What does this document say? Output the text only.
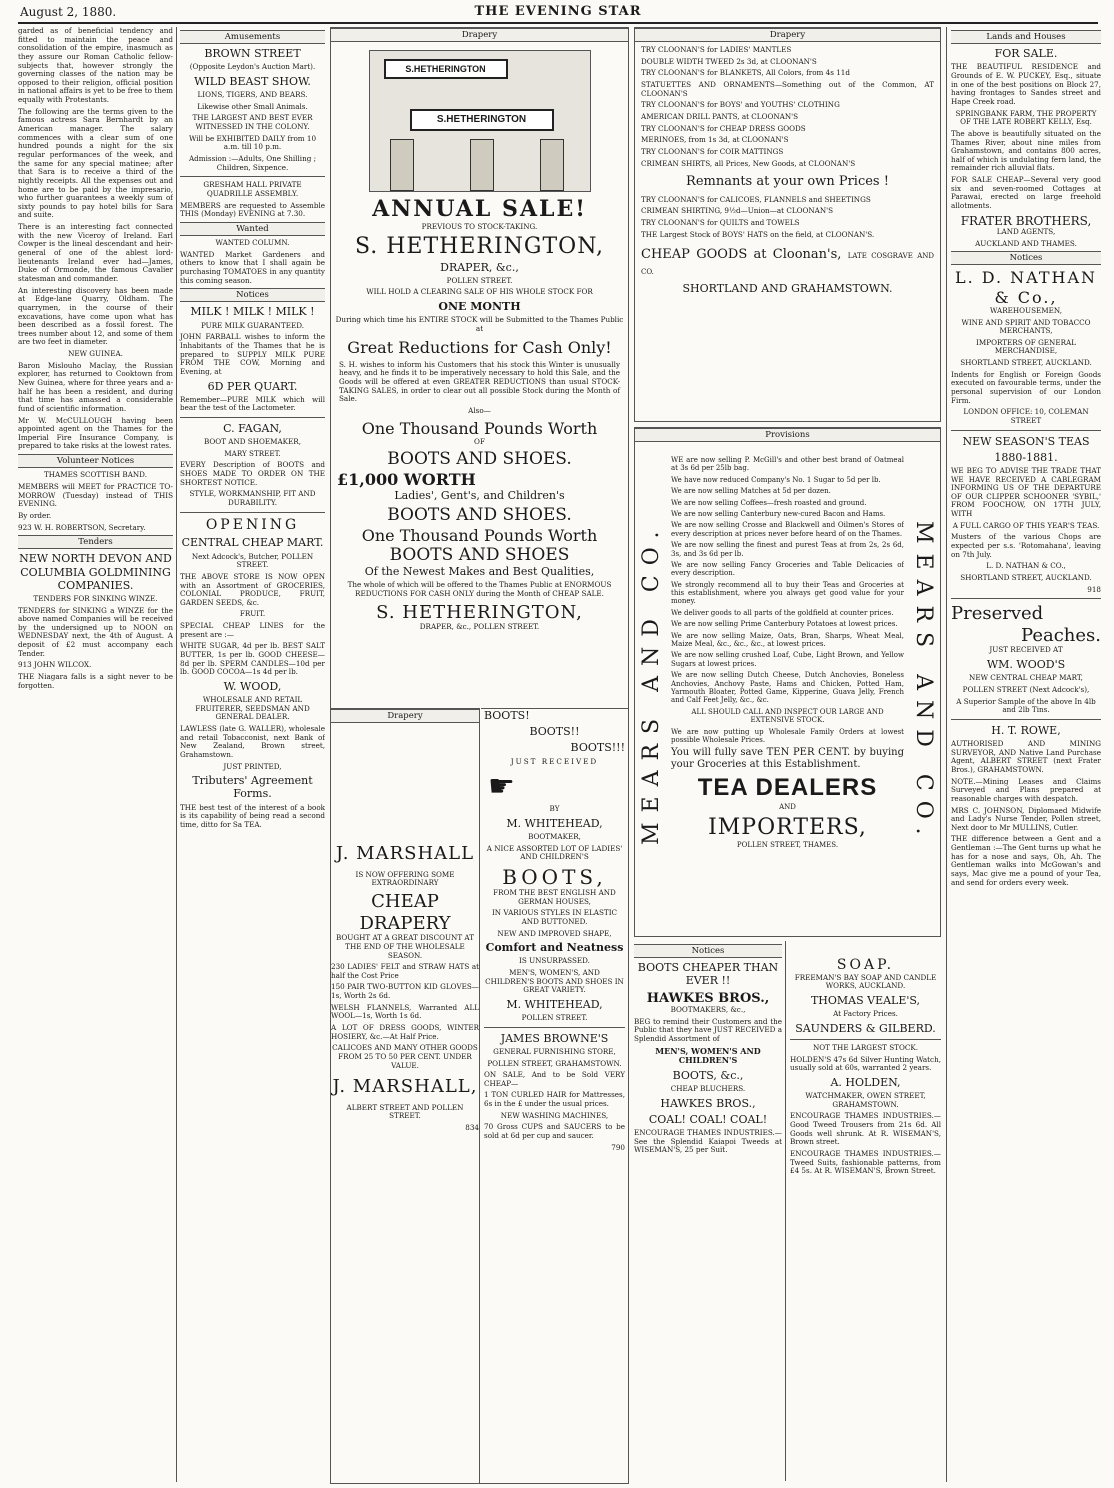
August 2, 1880.	THE EVENING STAR

garded as of beneficial tendency and fitted to maintain the peace and consolidation of the empire, inasmuch as they assure our Roman Catholic fellow-subjects that, however strongly the governing classes of the nation may be opposed to their religion, official position in national affairs is yet to be free to them equally with Protestants.

The following are the terms given to the famous actress Sara Bernhardt by an American manager. The salary commences with a clear sum of one hundred pounds a night for the six regular performances of the week, and the same for any special matinee; after that Sara is to receive a third of the nightly receipts. All the expenses out and home are to be paid by the impresario, who further guarantees a weekly sum of sixty pounds to pay hotel bills for Sara and suite.

There is an interesting fact connected with the new Viceroy of Ireland. Earl Cowper is the lineal descendant and heir-general of one of the ablest lord-lieutenants Ireland ever had—James, Duke of Ormonde, the famous Cavalier statesman and commander.

An interesting discovery has been made at Edge-lane Quarry, Oldham. The quarrymen, in the course of their excavations, have come upon what has been described as a fossil forest. The trees number about 12, and some of them are two feet in diameter.

NEW GUINEA.

Baron Mislouho Maclay, the Russian explorer, has returned to Cooktown from New Guinea, where for three years and a-half he has been a resident, and during that time has amassed a considerable fund of scientific information.

Mr W. McCULLOUGH having been appointed agent on the Thames for the Imperial Fire Insurance Company, is prepared to take risks at the lowest rates.

Volunteer Notices

THAMES SCOTTISH BAND.

MEMBERS will MEET for PRACTICE TO-MORROW (Tuesday) instead of THIS EVENING.

By order.

923 W. H. ROBERTSON, Secretary.

Tenders

NEW NORTH DEVON AND COLUMBIA GOLDMINING COMPANIES.

TENDERS FOR SINKING WINZE.

TENDERS for SINKING a WINZE for the above named Companies will be received by the undersigned up to NOON on WEDNESDAY next, the 4th of August. A deposit of £2 must accompany each Tender.

913 JOHN WILCOX.

THE Niagara falls is a sight never to be forgotten.

Amusements

BROWN STREET

(Opposite Leydon's Auction Mart).

WILD BEAST SHOW.

LIONS, TIGERS, AND BEARS.

Likewise other Small Animals.

THE LARGEST AND BEST EVER WITNESSED IN THE COLONY.

Will be EXHIBITED DAILY from 10 a.m. till 10 p.m.

Admission :—Adults, One Shilling ; Children, Sixpence.

GRESHAM HALL PRIVATE QUADRILLE ASSEMBLY.

MEMBERS are requested to Assemble THIS (Monday) EVENING at 7.30.

Wanted

WANTED COLUMN.

WANTED Market Gardeners and others to know that I shall again be purchasing TOMATOES in any quantity this coming season.

Notices

MILK ! MILK ! MILK !

PURE MILK GUARANTEED.

JOHN FARBALL wishes to inform the Inhabitants of the Thames that he is prepared to SUPPLY MILK PURE FROM THE COW, Morning and Evening, at

6D PER QUART.

Remember—PURE MILK which will bear the test of the Lactometer.

C. FAGAN,

BOOT AND SHOEMAKER,

MARY STREET.

EVERY Description of BOOTS and SHOES MADE TO ORDER ON THE SHORTEST NOTICE.

STYLE, WORKMANSHIP, FIT AND DURABILITY.

OPENING

CENTRAL CHEAP MART.

Next Adcock's, Butcher, POLLEN STREET.

THE ABOVE STORE IS NOW OPEN with an Assortment of GROCERIES, COLONIAL PRODUCE, FRUIT, GARDEN SEEDS, &c.

FRUIT.

SPECIAL CHEAP LINES for the present are :—

WHITE SUGAR, 4d per lb. BEST SALT BUTTER, 1s per lb. GOOD CHEESE—8d per lb. SPERM CANDLES—10d per lb. GOOD COCOA—1s 4d per lb.

W. WOOD,

WHOLESALE AND RETAIL FRUITERER, SEEDSMAN AND GENERAL DEALER.

LAWLESS (late G. WALLER), wholesale and retail Tobacconist, next Bank of New Zealand, Brown street, Grahamstown.

JUST PRINTED,

Tributers' Agreement Forms.

THE best test of the interest of a book is its capability of being read a second time, ditto for Sa TEA.

Drapery
S.HETHERINGTON
S.HETHERINGTON
ANNUAL SALE!

PREVIOUS TO STOCK-TAKING.

S. HETHERINGTON,

DRAPER, &c.,

POLLEN STREET.

WILL HOLD A CLEARING SALE OF HIS WHOLE STOCK FOR

ONE MONTH

During which time his ENTIRE STOCK will be Submitted to the Thames Public at

Great Reductions for Cash Only!

S. H. wishes to inform his Customers that his stock this Winter is unusually heavy, and he finds it to be imperatively necessary to hold this Sale, and the Goods will be offered at even GREATER REDUCTIONS than usual STOCK-TAKING SALES, in order to clear out all possible Stock during the Month of Sale.

Also—

One Thousand Pounds Worth

OF

BOOTS AND SHOES.
£1,000 WORTH

Ladies', Gent's, and Children's

BOOTS AND SHOES.
One Thousand Pounds Worth
BOOTS AND SHOES

Of the Newest Makes and Best Qualities,

The whole of which will be offered to the Thames Public at ENORMOUS REDUCTIONS FOR CASH ONLY during the Month of CHEAP SALE.

S. HETHERINGTON,

DRAPER, &c., POLLEN STREET.

Drapery
J. MARSHALL

IS NOW OFFERING SOME EXTRAORDINARY

CHEAP DRAPERY

BOUGHT AT A GREAT DISCOUNT AT THE END OF THE WHOLESALE SEASON.

230 LADIES' FELT and STRAW HATS at half the Cost Price

150 PAIR TWO-BUTTON KID GLOVES—1s, Worth 2s 6d.

WELSH FLANNELS, Warranted ALL WOOL—1s, Worth 1s 6d.

A LOT OF DRESS GOODS, WINTER HOSIERY, &c.—At Half Price.

CALICOES AND MANY OTHER GOODS FROM 25 TO 50 PER CENT. UNDER VALUE.

J. MARSHALL,

ALBERT STREET AND POLLEN STREET.

834

BOOTS!

BOOTS!!

BOOTS!!!

JUST RECEIVED

☛

BY

M. WHITEHEAD,

BOOTMAKER,

A NICE ASSORTED LOT OF LADIES' AND CHILDREN'S

BOOTS,

FROM THE BEST ENGLISH AND GERMAN HOUSES,

IN VARIOUS STYLES IN ELASTIC AND BUTTONED.

NEW AND IMPROVED SHAPE,

Comfort and Neatness

IS UNSURPASSED.

MEN'S, WOMEN'S, AND CHILDREN'S BOOTS AND SHOES IN GREAT VARIETY.

M. WHITEHEAD,

POLLEN STREET.

JAMES BROWNE'S

GENERAL FURNISHING STORE,

POLLEN STREET, GRAHAMSTOWN.

ON SALE, And to be Sold VERY CHEAP—

1 TON CURLED HAIR for Mattresses, 6s in the £ under the usual prices.

NEW WASHING MACHINES,

70 Gross CUPS and SAUCERS to be sold at 6d per cup and saucer.

790

Drapery

TRY CLOONAN'S for LADIES' MANTLES

DOUBLE WIDTH TWEED 2s 3d, at CLOONAN'S

TRY CLOONAN'S for BLANKETS, All Colors, from 4s 11d

STATUETTES AND ORNAMENTS—Something out of the Common, AT CLOONAN'S

TRY CLOONAN'S for BOYS' and YOUTHS' CLOTHING

AMERICAN DRILL PANTS, at CLOONAN'S

TRY CLOONAN'S for CHEAP DRESS GOODS

MERINOES, from 1s 3d, at CLOONAN'S

TRY CLOONAN'S for COIR MATTINGS

CRIMEAN SHIRTS, all Prices, New Goods, at CLOONAN'S

Remnants at your own Prices !

TRY CLOONAN'S for CALICOES, FLANNELS and SHEETINGS

CRIMEAN SHIRTING, 9½d—Union—at CLOONAN'S

TRY CLOONAN'S for QUILTS and TOWELS

THE Largest Stock of BOYS' HATS on the field, at CLOONAN'S.

CHEAP GOODS at Cloonan's, LATE COSGRAVE AND CO.

SHORTLAND AND GRAHAMSTOWN.

Provisions
MEARS AND CO.	MEARS AND CO.

WE are now selling P. McGill's and other best brand of Oatmeal at 3s 6d per 25lb bag.

We have now reduced Company's No. 1 Sugar to 5d per lb.

We are now selling Matches at 5d per dozen.

We are now selling Coffees—fresh roasted and ground.

We are now selling Canterbury new-cured Bacon and Hams.

We are now selling Crosse and Blackwell and Oilmen's Stores of every description at prices never before heard of on the Thames.

We are now selling the finest and purest Teas at from 2s, 2s 6d, 3s, and 3s 6d per lb.

We are now selling Fancy Groceries and Table Delicacies of every description.

We strongly recommend all to buy their Teas and Groceries at this establishment, where you always get good value for your money.

We deliver goods to all parts of the goldfield at counter prices.

We are now selling Prime Canterbury Potatoes at lowest prices.

We are now selling Maize, Oats, Bran, Sharps, Wheat Meal, Maize Meal, &c., &c., &c., at lowest prices.

We are now selling crushed Loaf, Cube, Light Brown, and Yellow Sugars at lowest prices.

We are now selling Dutch Cheese, Dutch Anchovies, Boneless Anchovies, Anchovy Paste, Hams and Chicken, Potted Ham, Yarmouth Bloater, Potted Game, Kipperine, Guava Jelly, French and Calf Feet Jelly, &c., &c.

ALL SHOULD CALL AND INSPECT OUR LARGE AND EXTENSIVE STOCK.

We are now putting up Wholesale Family Orders at lowest possible Wholesale Prices.

You will fully save TEN PER CENT. by buying your Groceries at this Establishment.

TEA DEALERS

AND

IMPORTERS,

POLLEN STREET, THAMES.

Notices

BOOTS CHEAPER THAN EVER !!

HAWKES BROS.,

BOOTMAKERS, &c.,

BEG to remind their Customers and the Public that they have JUST RECEIVED a Splendid Assortment of

MEN'S, WOMEN'S AND CHILDREN'S

BOOTS, &c.,

CHEAP BLUCHERS.

HAWKES BROS.,

COAL! COAL! COAL!

ENCOURAGE THAMES INDUSTRIES.—See the Splendid Kaiapoi Tweeds at WISEMAN'S, 25 per Suit.

SOAP.

FREEMAN'S BAY SOAP AND CANDLE WORKS, AUCKLAND.

THOMAS VEALE'S,

At Factory Prices.

SAUNDERS & GILBERD.

NOT THE LARGEST STOCK.

HOLDEN'S 47s 6d Silver Hunting Watch, usually sold at 60s, warranted 2 years.

A. HOLDEN,

WATCHMAKER, OWEN STREET, GRAHAMSTOWN.

ENCOURAGE THAMES INDUSTRIES.—Good Tweed Trousers from 21s 6d. All Goods well shrunk. At R. WISEMAN'S, Brown street.

ENCOURAGE THAMES INDUSTRIES.—Tweed Suits, fashionable patterns, from £4 5s. At R. WISEMAN'S, Brown Street.

Lands and Houses

FOR SALE.

THE BEAUTIFUL RESIDENCE and Grounds of E. W. PUCKEY, Esq., situate in one of the best positions on Block 27, having frontages to Sandes street and Hape Creek road.

SPRINGBANK FARM, THE PROPERTY OF THE LATE ROBERT KELLY, Esq.

The above is beautifully situated on the Thames River, about nine miles from Grahamstown, and contains 800 acres, half of which is undulating fern land, the remainder rich alluvial flats.

FOR SALE CHEAP—Several very good six and seven-roomed Cottages at Parawai, erected on large freehold allotments.

FRATER BROTHERS,

LAND AGENTS,

AUCKLAND AND THAMES.

Notices
L. D. NATHAN & Co.,

WAREHOUSEMEN,

WINE AND SPIRIT AND TOBACCO MERCHANTS,

IMPORTERS OF GENERAL MERCHANDISE,

SHORTLAND STREET, AUCKLAND.

Indents for English or Foreign Goods executed on favourable terms, under the personal supervision of our London Firm.

LONDON OFFICE: 10, COLEMAN STREET

NEW SEASON'S TEAS

1880-1881.

WE BEG TO ADVISE THE TRADE THAT WE HAVE RECEIVED A CABLEGRAM INFORMING US OF THE DEPARTURE OF OUR CLIPPER SCHOONER 'SYBIL,' FROM FOOCHOW, ON 17TH JULY, WITH

A FULL CARGO OF THIS YEAR'S TEAS.

Musters of the various Chops are expected per s.s. 'Rotomahana', leaving on 7th July.

L. D. NATHAN & CO.,

SHORTLAND STREET, AUCKLAND.

918

Preserved
Peaches.

JUST RECEIVED AT

WM. WOOD'S

NEW CENTRAL CHEAP MART,

POLLEN STREET (Next Adcock's),

A Superior Sample of the above In 4lb and 2lb Tins.

H. T. ROWE,

AUTHORISED AND MINING SURVEYOR, AND Native Land Purchase Agent, ALBERT STREET (next Frater Bros.), GRAHAMSTOWN.

NOTE.—Mining Leases and Claims Surveyed and Plans prepared at reasonable charges with despatch.

MRS C. JOHNSON, Diplomaed Midwife and Lady's Nurse Tender, Pollen street, Next door to Mr MULLINS, Cutler.

THE difference between a Gent and a Gentleman :—The Gent turns up what he has for a nose and says, Oh, Ah. The Gentleman walks into McGowan's and says, Mac give me a pound of your Tea, and send for orders every week.
